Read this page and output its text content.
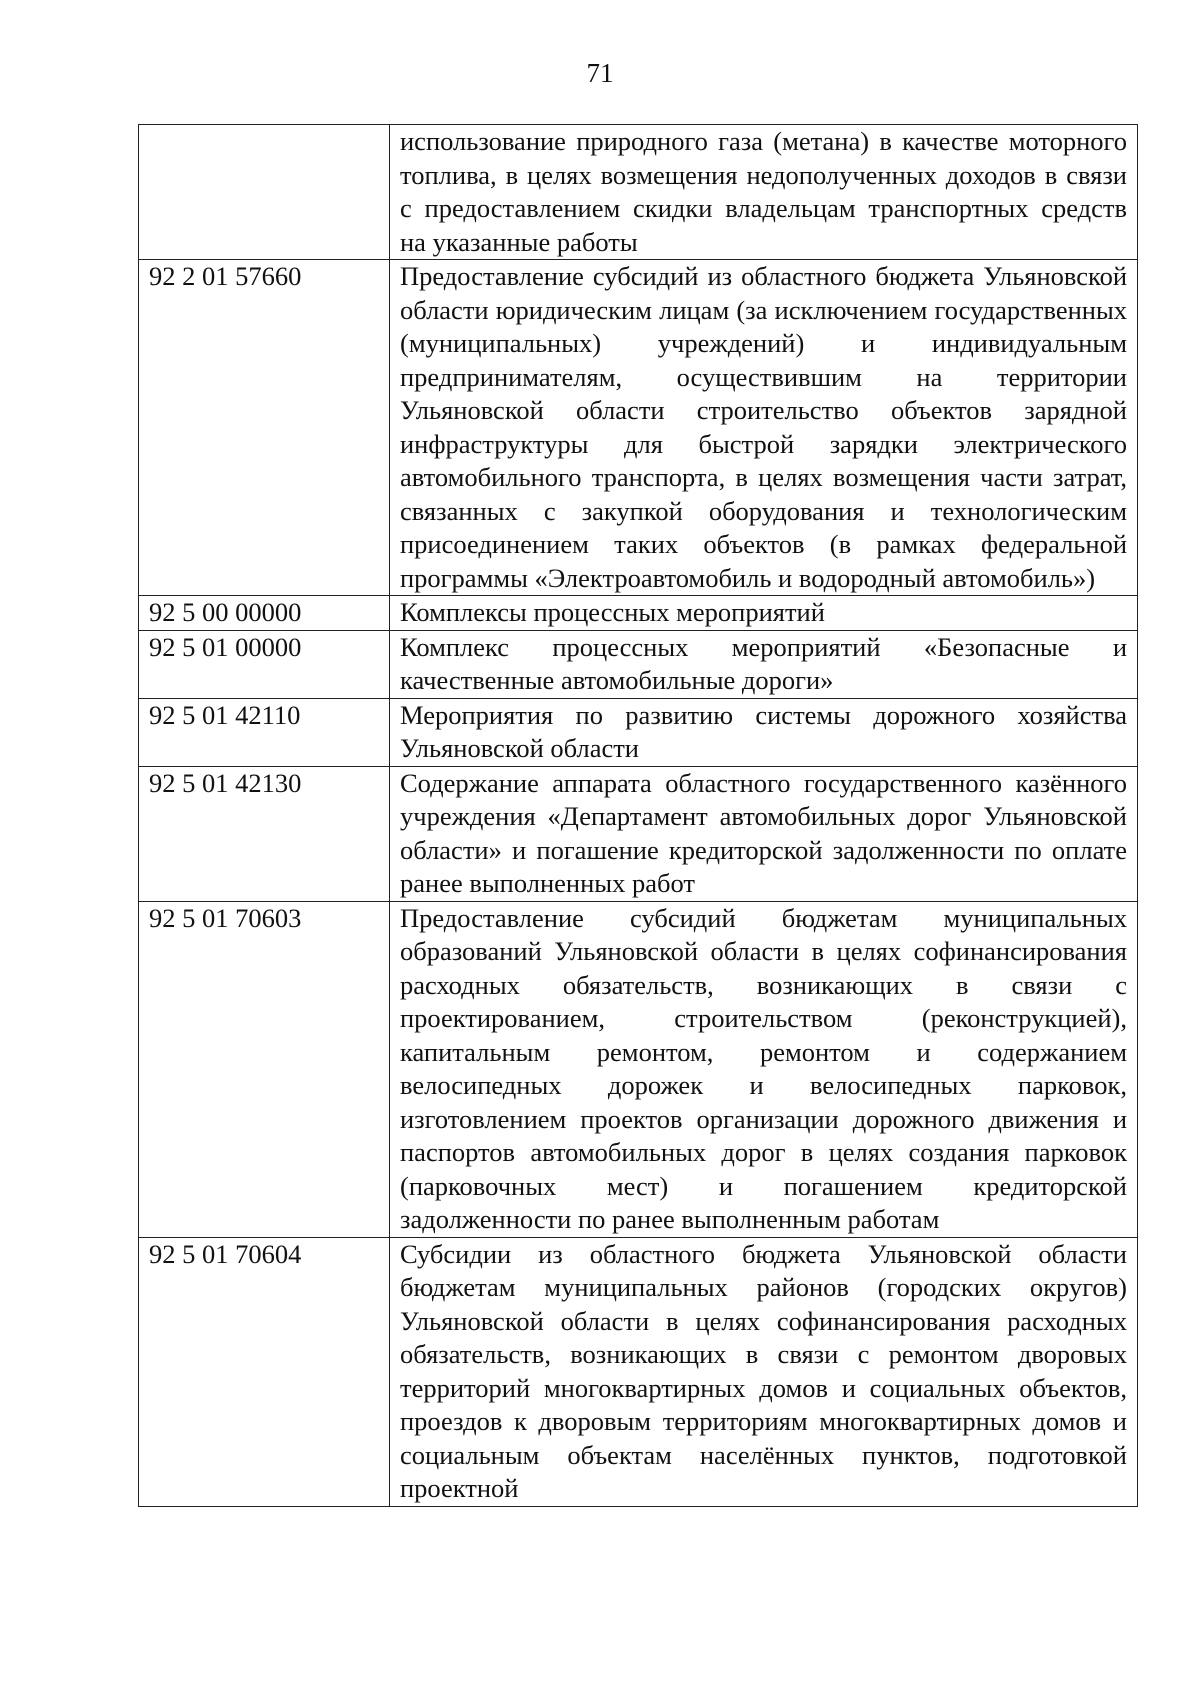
71
	использование природного газа (метана) в качестве моторного топлива, в целях возмещения недополученных доходов в связи с предоставлением скидки владельцам транспортных средств на указанные работы
92 2 01 57660	Предоставление субсидий из областного бюджета Ульяновской области юридическим лицам (за исключением государственных (муниципальных) учреждений) и индивидуальным предпринимателям, осуществившим на территории Ульяновской области строительство объектов зарядной инфраструктуры для быстрой зарядки электрического автомобильного транспорта, в целях возмещения части затрат, связанных с закупкой оборудования и технологическим присоединением таких объектов (в рамках федеральной программы «Электроавтомобиль и водородный автомобиль»)
92 5 00 00000	Комплексы процессных мероприятий
92 5 01 00000	Комплекс процессных мероприятий «Безопасные и качественные автомобильные дороги»
92 5 01 42110	Мероприятия по развитию системы дорожного хозяйства Ульяновской области
92 5 01 42130	Содержание аппарата областного государственного казённого учреждения «Департамент автомобильных дорог Ульяновской области» и погашение кредиторской задолженности по оплате ранее выполненных работ
92 5 01 70603	Предоставление субсидий бюджетам муниципальных образований Ульяновской области в целях софинансирования расходных обязательств, возникающих в связи с проектированием, строительством (реконструкцией), капитальным ремонтом, ремонтом и содержанием велосипедных дорожек и велосипедных парковок, изготовлением проектов организации дорожного движения и паспортов автомобильных дорог в целях создания парковок (парковочных мест) и погашением кредиторской задолженности по ранее выполненным работам
92 5 01 70604	Субсидии из областного бюджета Ульяновской области бюджетам муниципальных районов (городских округов) Ульяновской области в целях софинансирования расходных обязательств, возникающих в связи с ремонтом дворовых территорий многоквартирных домов и социальных объектов, проездов к дворовым территориям многоквартирных домов и социальным объектам населённых пунктов, подготовкой проектной
